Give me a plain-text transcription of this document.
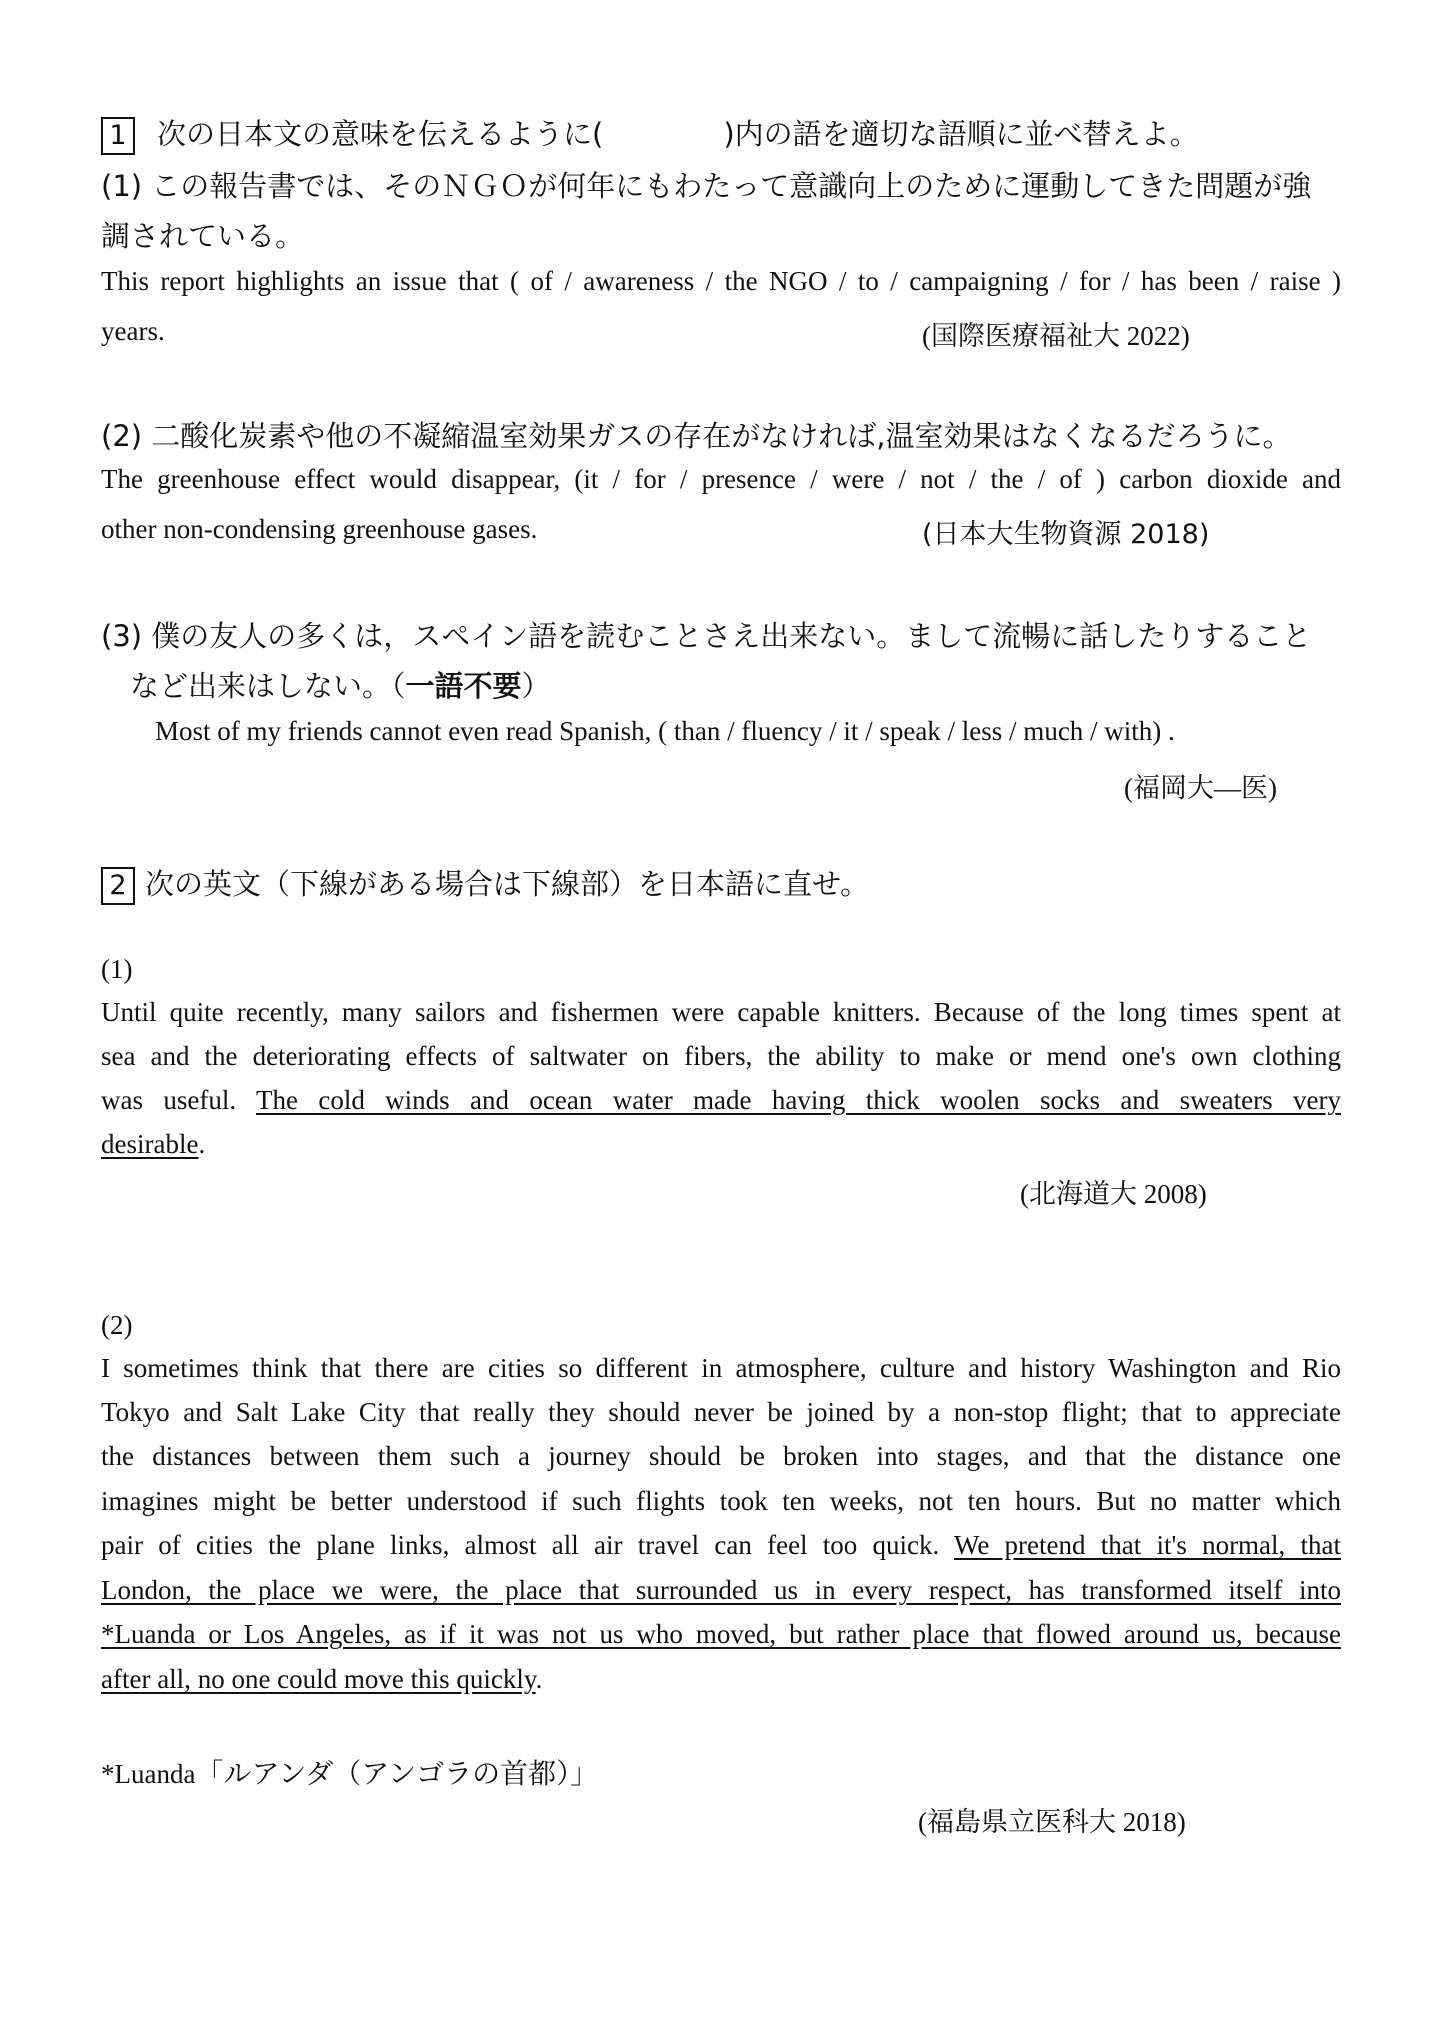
1 次の日本文の意味を伝えるように(	)内の語を適切な語順に並べ替えよ。
(1) この報告書では、そのＮＧＯが何年にもわたって意識向上のために運動してきた問題が強
調されている。
This report highlights an issue that ( of / awareness / the NGO / to / campaigning / for / has been / raise )
years.	(国際医療福祉大 2022)
(2) 二酸化炭素や他の不凝縮温室効果ガスの存在がなければ,温室効果はなくなるだろうに。
The greenhouse effect would disappear, (it / for / presence / were / not / the / of ) carbon dioxide and
other non-condensing greenhouse gases.	(日本大生物資源 2018)
(3) 僕の友人の多くは，スペイン語を読むことさえ出来ない。まして流暢に話したりすること
など出来はしない。（一語不要）
Most of my friends cannot even read Spanish, ( than / fluency / it / speak / less / much / with) .
(福岡大―医)
2 次の英文（下線がある場合は下線部）を日本語に直せ。
(1)
Until quite recently, many sailors and fishermen were capable knitters. Because of the long times spent at
sea and the deteriorating effects of saltwater on fibers, the ability to make or mend one's own clothing
was useful. The cold winds and ocean water made having thick woolen socks and sweaters very
desirable.
(北海道大 2008)
(2)
I sometimes think that there are cities so different in atmosphere, culture and history Washington and Rio
Tokyo and Salt Lake City that really they should never be joined by a non-stop flight; that to appreciate
the distances between them such a journey should be broken into stages, and that the distance one
imagines might be better understood if such flights took ten weeks, not ten hours. But no matter which
pair of cities the plane links, almost all air travel can feel too quick. We pretend that it's normal, that
London, the place we were, the place that surrounded us in every respect, has transformed itself into
*Luanda or Los Angeles, as if it was not us who moved, but rather place that flowed around us, because
after all, no one could move this quickly.
*Luanda「ルアンダ（アンゴラの首都）」
(福島県立医科大 2018)
